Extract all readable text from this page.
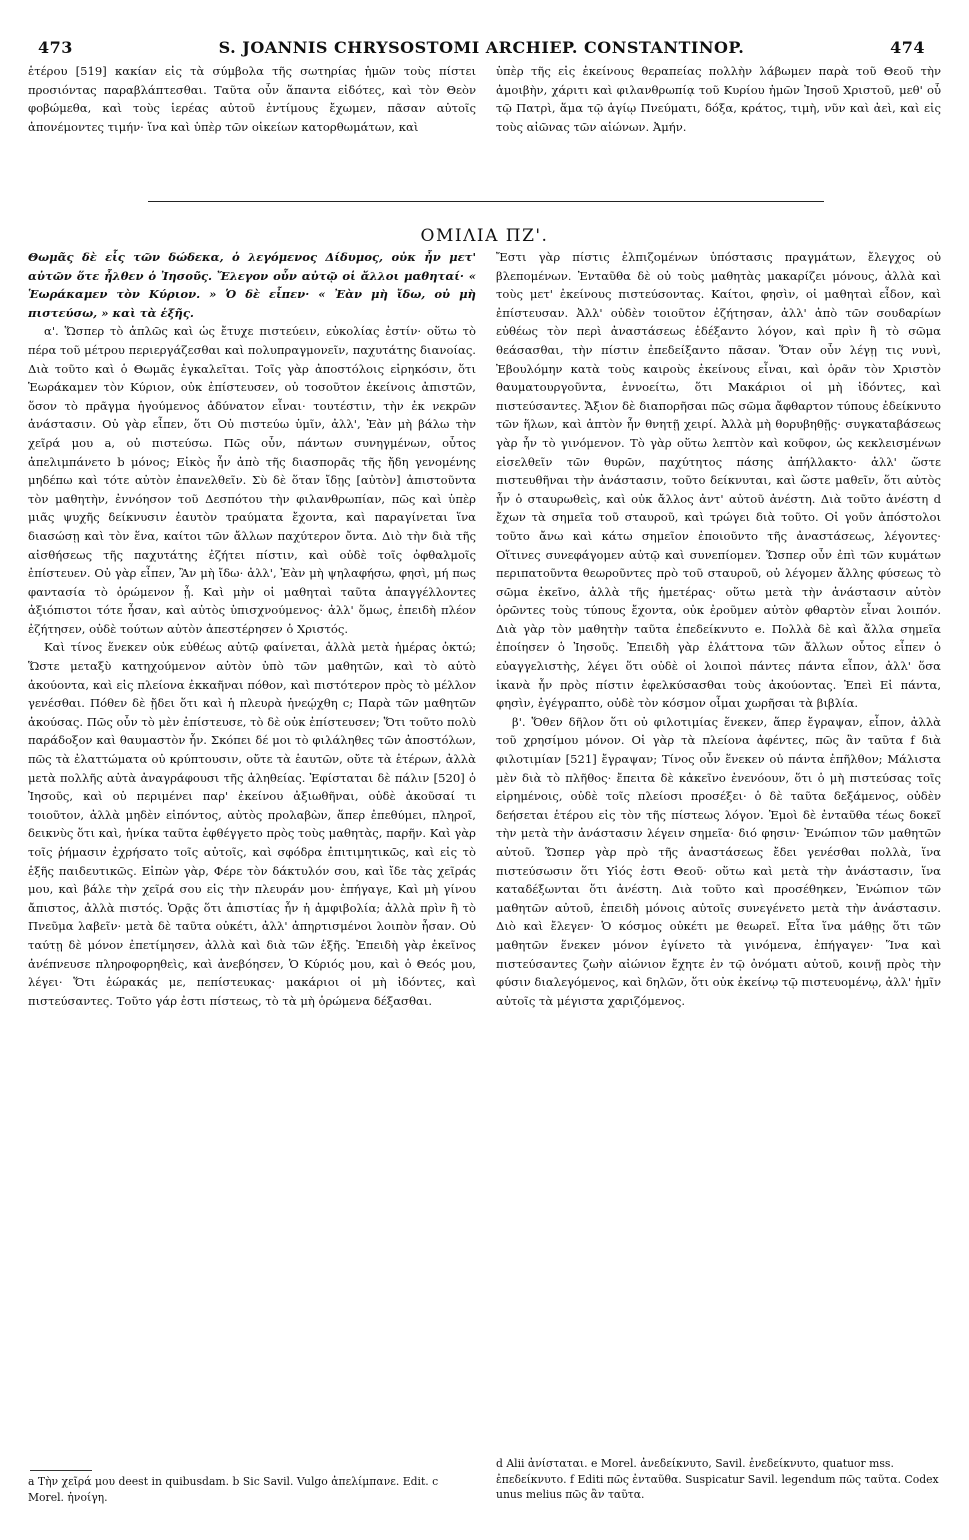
473	S. JOANNIS CHRYSOSTOMI ARCHIEP. CONSTANTINOP.	474

ἑτέρου [519] κακίαν εἰς τὰ σύμβολα τῆς σωτηρίας ἡμῶν τοὺς πίστει προσιόντας παραβλάπτεσθαι. Ταῦτα οὖν ἅπαντα εἰδότες, καὶ τὸν Θεὸν φοβώμεθα, καὶ τοὺς ἱερέας αὐτοῦ ἐντίμους ἔχωμεν, πᾶσαν αὐτοῖς ἀπονέμοντες τιμήν· ἵνα καὶ ὑπὲρ τῶν οἰκείων κατορθωμάτων, καὶ

ὑπὲρ τῆς εἰς ἐκείνους θεραπείας πολλὴν λάβωμεν παρὰ τοῦ Θεοῦ τὴν ἀμοιβὴν, χάριτι καὶ φιλανθρωπίᾳ τοῦ Κυρίου ἡμῶν Ἰησοῦ Χριστοῦ, μεθ' οὗ τῷ Πατρὶ, ἅμα τῷ ἁγίῳ Πνεύματι, δόξα, κράτος, τιμὴ, νῦν καὶ ἀεὶ, καὶ εἰς τοὺς αἰῶνας τῶν αἰώνων. Ἀμήν.

ΟΜΙΛΙΑ ΠΖ'.

Θωμᾶς δὲ εἷς τῶν δώδεκα, ὁ λεγόμενος Δίδυμος, οὐκ ἦν μετ' αὐτῶν ὅτε ἦλθεν ὁ Ἰησοῦς. Ἔλεγον οὖν αὐτῷ οἱ ἄλλοι μαθηταί· « Ἑωράκαμεν τὸν Κύριον. » Ὁ δὲ εἶπεν· « Ἐὰν μὴ ἴδω, οὐ μὴ πιστεύσω, » καὶ τὰ ἑξῆς.

α'. Ὥσπερ τὸ ἁπλῶς καὶ ὡς ἔτυχε πιστεύειν, εὐκολίας ἐστίν· οὕτω τὸ πέρα τοῦ μέτρου περιεργάζεσθαι καὶ πολυπραγμονεῖν, παχυτάτης διανοίας. Διὰ τοῦτο καὶ ὁ Θωμᾶς ἐγκαλεῖται. Τοῖς γὰρ ἀποστόλοις εἰρηκόσιν, ὅτι Ἑωράκαμεν τὸν Κύριον, οὐκ ἐπίστευσεν, οὐ τοσοῦτον ἐκείνοις ἀπιστῶν, ὅσον τὸ πρᾶγμα ἡγούμενος ἀδύνατον εἶναι· τουτέστιν, τὴν ἐκ νεκρῶν ἀνάστασιν. Οὐ γὰρ εἶπεν, ὅτι Οὐ πιστεύω ὑμῖν, ἀλλ', Ἐὰν μὴ βάλω τὴν χεῖρά μου a, οὐ πιστεύσω. Πῶς οὖν, πάντων συνηγμένων, οὗτος ἀπελιμπάνετο b μόνος; Εἰκὸς ἦν ἀπὸ τῆς διασπορᾶς τῆς ἤδη γενομένης μηδέπω καὶ τότε αὐτὸν ἐπανελθεῖν. Σὺ δὲ ὅταν ἴδῃς [αὐτὸν] ἀπιστοῦντα τὸν μαθητὴν, ἐννόησον τοῦ Δεσπότου τὴν φιλανθρωπίαν, πῶς καὶ ὑπὲρ μιᾶς ψυχῆς δείκνυσιν ἑαυτὸν τραύματα ἔχοντα, καὶ παραγίνεται ἵνα διασώσῃ καὶ τὸν ἕνα, καίτοι τῶν ἄλλων παχύτερον ὄντα. Διὸ τὴν διὰ τῆς αἰσθήσεως τῆς παχυτάτης ἐζήτει πίστιν, καὶ οὐδὲ τοῖς ὀφθαλμοῖς ἐπίστευεν. Οὐ γὰρ εἶπεν, Ἂν μὴ ἴδω· ἀλλ', Ἐὰν μὴ ψηλαφήσω, φησὶ, μή πως φαντασία τὸ ὁρώμενον ᾖ. Καὶ μὴν οἱ μαθηταὶ ταῦτα ἀπαγγέλλοντες ἀξιόπιστοι τότε ἦσαν, καὶ αὐτὸς ὑπισχνούμενος· ἀλλ' ὅμως, ἐπειδὴ πλέον ἐζήτησεν, οὐδὲ τούτων αὐτὸν ἀπεστέρησεν ὁ Χριστός.

Καὶ τίνος ἕνεκεν οὐκ εὐθέως αὐτῷ φαίνεται, ἀλλὰ μετὰ ἡμέρας ὀκτώ; Ὥστε μεταξὺ κατηχούμενον αὐτὸν ὑπὸ τῶν μαθητῶν, καὶ τὸ αὐτὸ ἀκούοντα, καὶ εἰς πλείονα ἐκκαῆναι πόθον, καὶ πιστότερον πρὸς τὸ μέλλον γενέσθαι. Πόθεν δὲ ᾔδει ὅτι καὶ ἡ πλευρὰ ἠνεῴχθη c; Παρὰ τῶν μαθητῶν ἀκούσας. Πῶς οὖν τὸ μὲν ἐπίστευσε, τὸ δὲ οὐκ ἐπίστευσεν; Ὅτι τοῦτο πολὺ παράδοξον καὶ θαυμαστὸν ἦν. Σκόπει δέ μοι τὸ φιλάληθες τῶν ἀποστόλων, πῶς τὰ ἐλαττώματα οὐ κρύπτουσιν, οὔτε τὰ ἑαυτῶν, οὔτε τὰ ἑτέρων, ἀλλὰ μετὰ πολλῆς αὐτὰ ἀναγράφουσι τῆς ἀληθείας. Ἐφίσταται δὲ πάλιν [520] ὁ Ἰησοῦς, καὶ οὐ περιμένει παρ' ἐκείνου ἀξιωθῆναι, οὐδὲ ἀκοῦσαί τι τοιοῦτον, ἀλλὰ μηδὲν εἰπόντος, αὐτὸς προλαβὼν, ἅπερ ἐπεθύμει, πληροῖ, δεικνὺς ὅτι καὶ, ἡνίκα ταῦτα ἐφθέγγετο πρὸς τοὺς μαθητὰς, παρῆν. Καὶ γὰρ τοῖς ῥήμασιν ἐχρήσατο τοῖς αὐτοῖς, καὶ σφόδρα ἐπιτιμητικῶς, καὶ εἰς τὸ ἑξῆς παιδευτικῶς. Εἰπὼν γὰρ, Φέρε τὸν δάκτυλόν σου, καὶ ἴδε τὰς χεῖράς μου, καὶ βάλε τὴν χεῖρά σου εἰς τὴν πλευράν μου· ἐπήγαγε, Καὶ μὴ γίνου ἄπιστος, ἀλλὰ πιστός. Ὁρᾷς ὅτι ἀπιστίας ἦν ἡ ἀμφιβολία; ἀλλὰ πρὶν ἢ τὸ Πνεῦμα λαβεῖν· μετὰ δὲ ταῦτα οὐκέτι, ἀλλ' ἀπηρτισμένοι λοιπὸν ἦσαν. Οὐ ταύτῃ δὲ μόνον ἐπετίμησεν, ἀλλὰ καὶ διὰ τῶν ἑξῆς. Ἐπειδὴ γὰρ ἐκεῖνος ἀνέπνευσε πληροφορηθεὶς, καὶ ἀνεβόησεν, Ὁ Κύριός μου, καὶ ὁ Θεός μου, λέγει· Ὅτι ἑώρακάς με, πεπίστευκας· μακάριοι οἱ μὴ ἰδόντες, καὶ πιστεύσαντες. Τοῦτο γάρ ἐστι πίστεως, τὸ τὰ μὴ ὁρώμενα δέξασθαι.

Ἔστι γὰρ πίστις ἐλπιζομένων ὑπόστασις πραγμάτων, ἔλεγχος οὐ βλεπομένων. Ἐνταῦθα δὲ οὐ τοὺς μαθητὰς μακαρίζει μόνους, ἀλλὰ καὶ τοὺς μετ' ἐκείνους πιστεύσοντας. Καίτοι, φησὶν, οἱ μαθηταὶ εἶδον, καὶ ἐπίστευσαν. Ἀλλ' οὐδὲν τοιοῦτον ἐζήτησαν, ἀλλ' ἀπὸ τῶν σουδαρίων εὐθέως τὸν περὶ ἀναστάσεως ἐδέξαντο λόγον, καὶ πρὶν ἢ τὸ σῶμα θεάσασθαι, τὴν πίστιν ἐπεδείξαντο πᾶσαν. Ὅταν οὖν λέγῃ τις νυνὶ, Ἐβουλόμην κατὰ τοὺς καιροὺς ἐκείνους εἶναι, καὶ ὁρᾶν τὸν Χριστὸν θαυματουργοῦντα, ἐννοείτω, ὅτι Μακάριοι οἱ μὴ ἰδόντες, καὶ πιστεύσαντες. Ἄξιον δὲ διαπορῆσαι πῶς σῶμα ἄφθαρτον τύπους ἐδείκνυτο τῶν ἥλων, καὶ ἁπτὸν ἦν θνητῇ χειρί. Ἀλλὰ μὴ θορυβηθῇς· συγκαταβάσεως γὰρ ἦν τὸ γινόμενον. Τὸ γὰρ οὕτω λεπτὸν καὶ κοῦφον, ὡς κεκλεισμένων εἰσελθεῖν τῶν θυρῶν, παχύτητος πάσης ἀπήλλακτο· ἀλλ' ὥστε πιστευθῆναι τὴν ἀνάστασιν, τοῦτο δείκνυται, καὶ ὥστε μαθεῖν, ὅτι αὐτὸς ἦν ὁ σταυρωθεὶς, καὶ οὐκ ἄλλος ἀντ' αὐτοῦ ἀνέστη. Διὰ τοῦτο ἀνέστη d ἔχων τὰ σημεῖα τοῦ σταυροῦ, καὶ τρώγει διὰ τοῦτο. Οἱ γοῦν ἀπόστολοι τοῦτο ἄνω καὶ κάτω σημεῖον ἐποιοῦντο τῆς ἀναστάσεως, λέγοντες· Οἵτινες συνεφάγομεν αὐτῷ καὶ συνεπίομεν. Ὥσπερ οὖν ἐπὶ τῶν κυμάτων περιπατοῦντα θεωροῦντες πρὸ τοῦ σταυροῦ, οὐ λέγομεν ἄλλης φύσεως τὸ σῶμα ἐκεῖνο, ἀλλὰ τῆς ἡμετέρας· οὕτω μετὰ τὴν ἀνάστασιν αὐτὸν ὁρῶντες τοὺς τύπους ἔχοντα, οὐκ ἐροῦμεν αὐτὸν φθαρτὸν εἶναι λοιπόν. Διὰ γὰρ τὸν μαθητὴν ταῦτα ἐπεδείκνυτο e. Πολλὰ δὲ καὶ ἄλλα σημεῖα ἐποίησεν ὁ Ἰησοῦς. Ἐπειδὴ γὰρ ἐλάττονα τῶν ἄλλων οὗτος εἶπεν ὁ εὐαγγελιστὴς, λέγει ὅτι οὐδὲ οἱ λοιποὶ πάντες πάντα εἶπον, ἀλλ' ὅσα ἱκανὰ ἦν πρὸς πίστιν ἐφελκύσασθαι τοὺς ἀκούοντας. Ἐπεὶ Εἰ πάντα, φησὶν, ἐγέγραπτο, οὐδὲ τὸν κόσμον οἶμαι χωρῆσαι τὰ βιβλία.

β'. Ὅθεν δῆλον ὅτι οὐ φιλοτιμίας ἕνεκεν, ἅπερ ἔγραψαν, εἶπον, ἀλλὰ τοῦ χρησίμου μόνον. Οἱ γὰρ τὰ πλείονα ἀφέντες, πῶς ἂν ταῦτα f διὰ φιλοτιμίαν [521] ἔγραψαν; Τίνος οὖν ἕνεκεν οὐ πάντα ἐπῆλθον; Μάλιστα μὲν διὰ τὸ πλῆθος· ἔπειτα δὲ κἀκεῖνο ἐνενόουν, ὅτι ὁ μὴ πιστεύσας τοῖς εἰρημένοις, οὐδὲ τοῖς πλείοσι προσέξει· ὁ δὲ ταῦτα δεξάμενος, οὐδὲν δεήσεται ἑτέρου εἰς τὸν τῆς πίστεως λόγον. Ἐμοὶ δὲ ἐνταῦθα τέως δοκεῖ τὴν μετὰ τὴν ἀνάστασιν λέγειν σημεῖα· διό φησιν· Ἐνώπιον τῶν μαθητῶν αὐτοῦ. Ὥσπερ γὰρ πρὸ τῆς ἀναστάσεως ἔδει γενέσθαι πολλὰ, ἵνα πιστεύσωσιν ὅτι Υἱός ἐστι Θεοῦ· οὕτω καὶ μετὰ τὴν ἀνάστασιν, ἵνα καταδέξωνται ὅτι ἀνέστη. Διὰ τοῦτο καὶ προσέθηκεν, Ἐνώπιον τῶν μαθητῶν αὐτοῦ, ἐπειδὴ μόνοις αὐτοῖς συνεγένετο μετὰ τὴν ἀνάστασιν. Διὸ καὶ ἔλεγεν· Ὁ κόσμος οὐκέτι με θεωρεῖ. Εἶτα ἵνα μάθῃς ὅτι τῶν μαθητῶν ἕνεκεν μόνον ἐγίνετο τὰ γινόμενα, ἐπήγαγεν· Ἵνα καὶ πιστεύσαντες ζωὴν αἰώνιον ἔχητε ἐν τῷ ὀνόματι αὐτοῦ, κοινῇ πρὸς τὴν φύσιν διαλεγόμενος, καὶ δηλῶν, ὅτι οὐκ ἐκείνῳ τῷ πιστευομένῳ, ἀλλ' ἡμῖν αὐτοῖς τὰ μέγιστα χαριζόμενος.

a Τὴν χεῖρά μου deest in quibusdam. b Sic Savil. Vulgo ἀπελίμπανε. Edit. c Morel. ἠνοίγη.
d Alii ἀνίσταται. e Morel. ἀνεδείκνυτο, Savil. ἐνεδείκνυτο, quatuor mss. ἐπεδείκνυτο. f Editi πῶς ἐνταῦθα. Suspicatur Savil. legendum πῶς ταῦτα. Codex unus melius πῶς ἂν ταῦτα.
